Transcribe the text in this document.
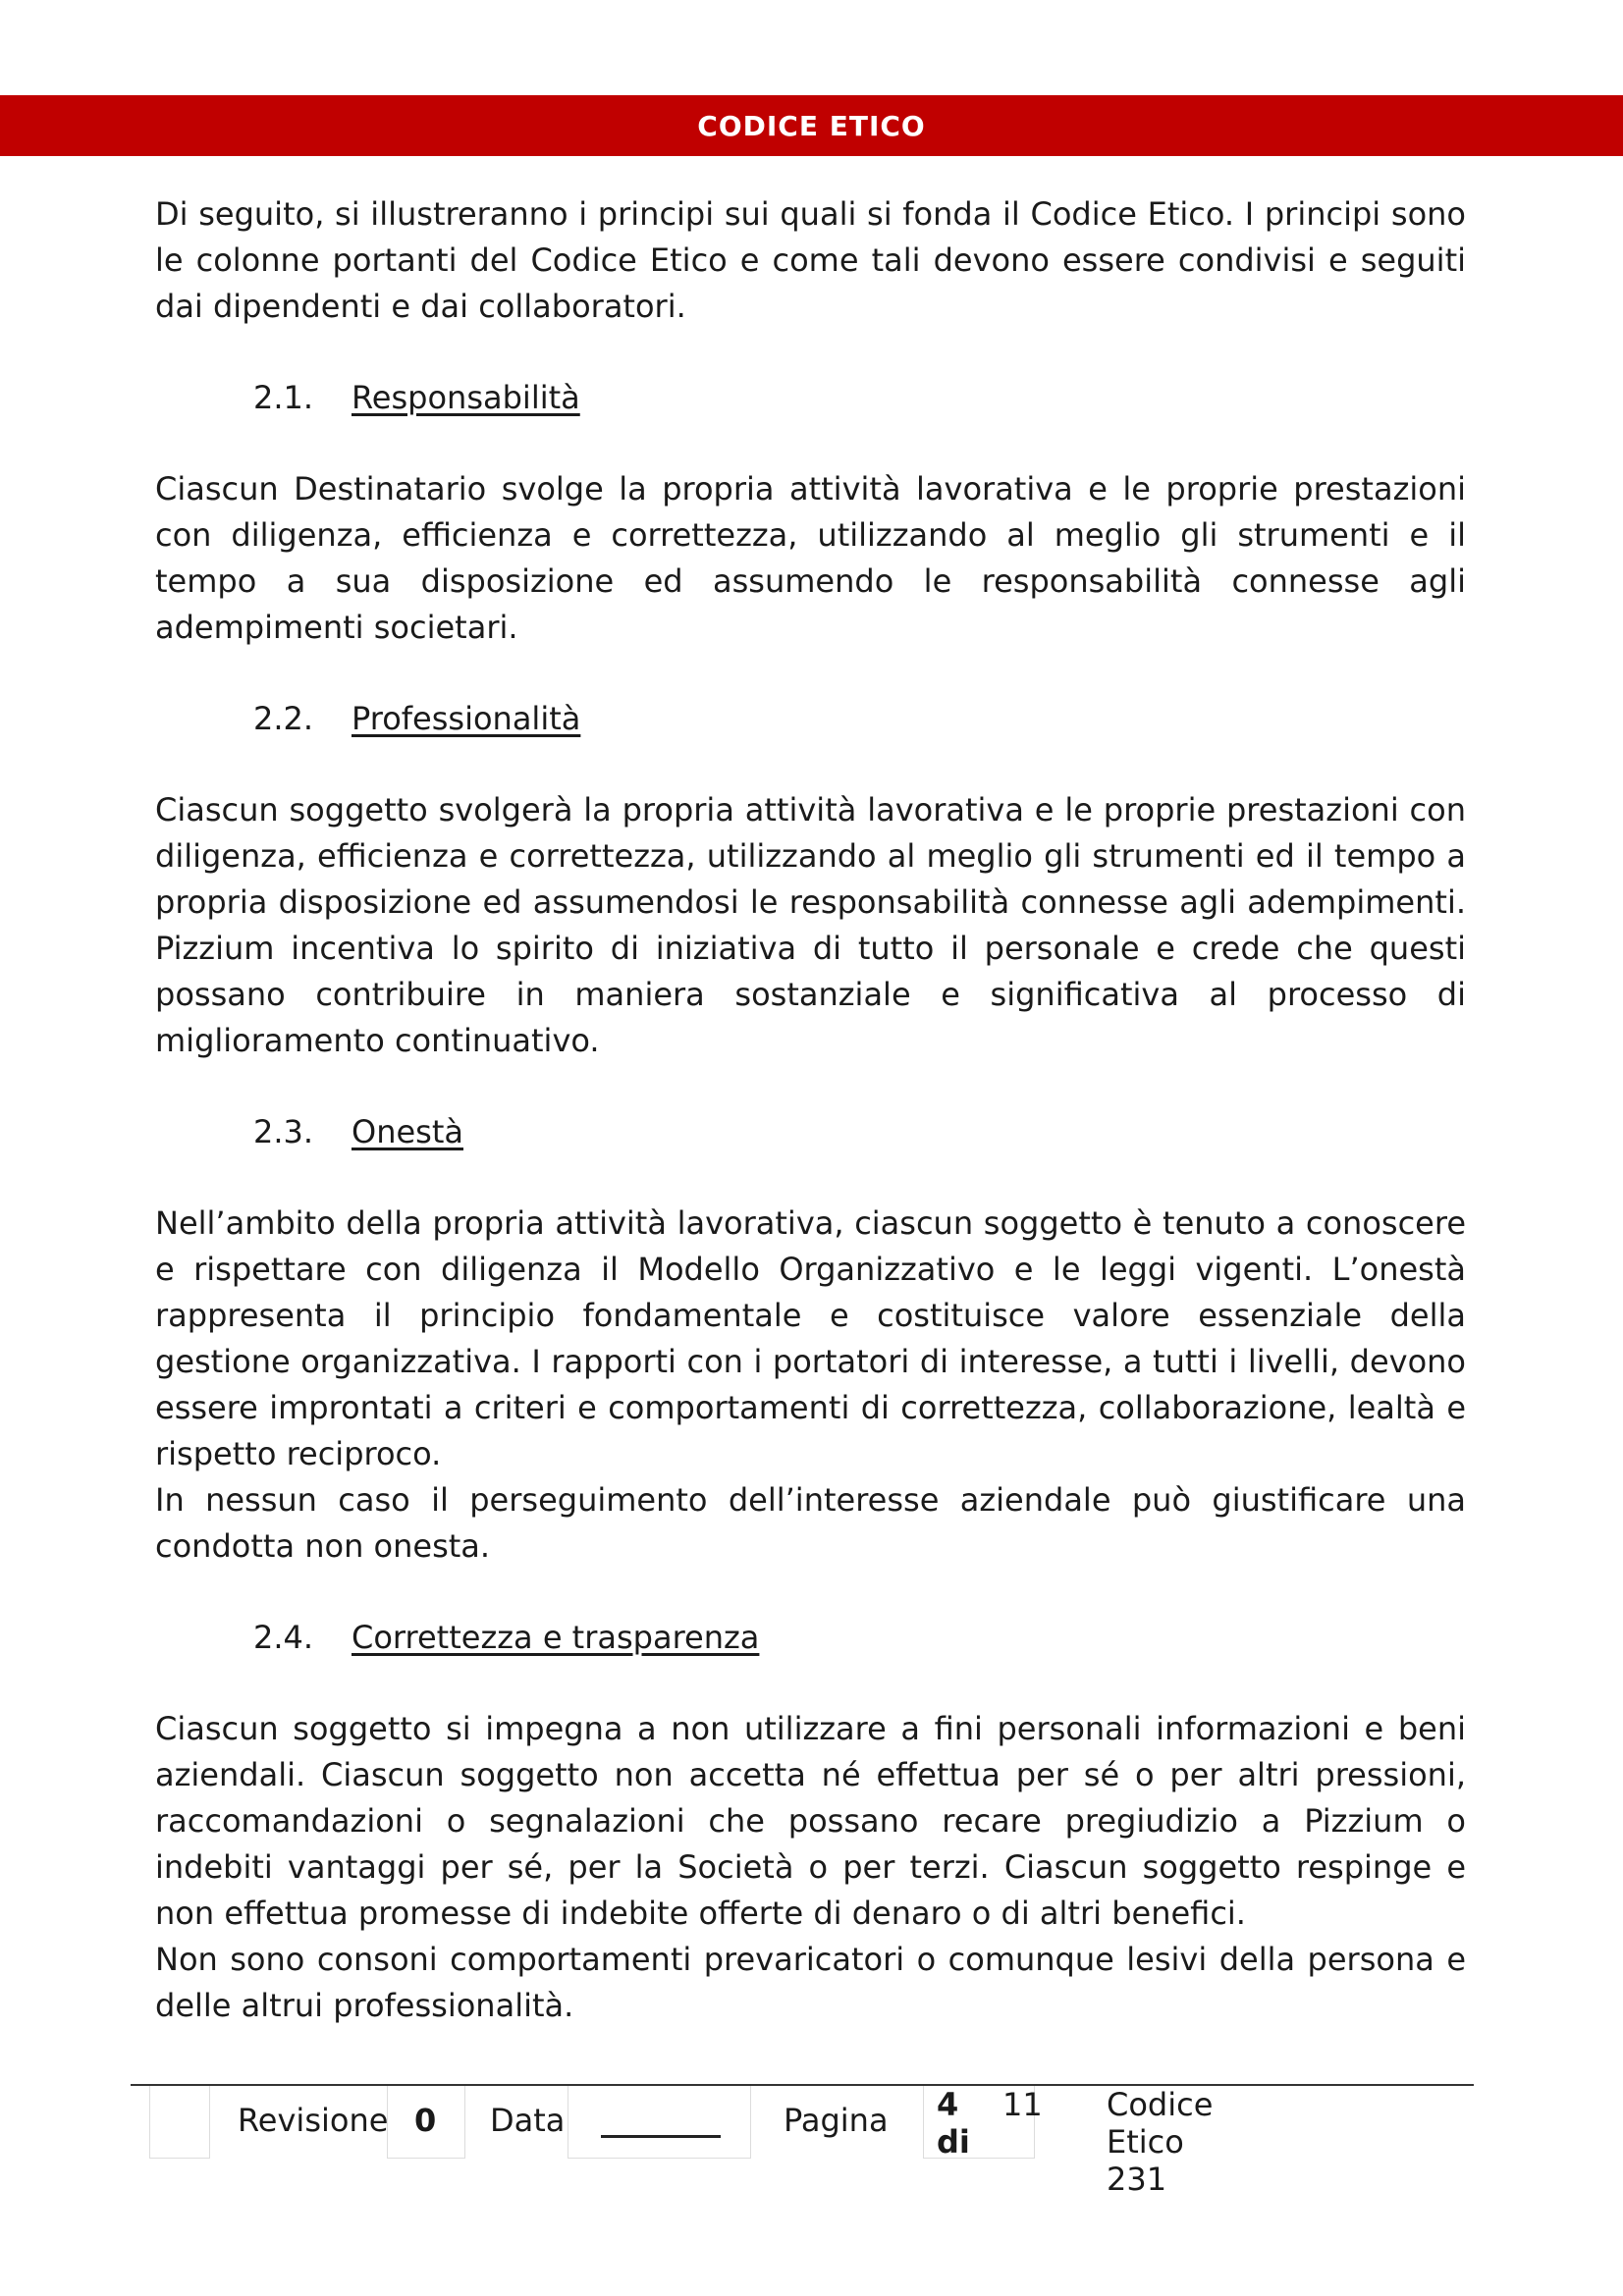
CODICE ETICO

Di seguito, si illustreranno i principi sui quali si fonda il Codice Etico. I principi sono le colonne portanti del Codice Etico e come tali devono essere condivisi e seguiti dai dipendenti e dai collaboratori.

2.1.	Responsabilità

Ciascun Destinatario svolge la propria attività lavorativa e le proprie prestazioni con diligenza, efficienza e correttezza, utilizzando al meglio gli strumenti e il tempo a sua disposizione ed assumendo le responsabilità connesse agli adempimenti societari.

2.2.	Professionalità

Ciascun soggetto svolgerà la propria attività lavorativa e le proprie prestazioni con diligenza, efficienza e correttezza, utilizzando al meglio gli strumenti ed il tempo a propria disposizione ed assumendosi le responsabilità connesse agli adempimenti. Pizzium incentiva lo spirito di iniziativa di tutto il personale e crede che questi possano contribuire in maniera sostanziale e significativa al processo di miglioramento continuativo.

2.3.	Onestà

Nell’ambito della propria attività lavorativa, ciascun soggetto è tenuto a conoscere e rispettare con diligenza il Modello Organizzativo e le leggi vigenti. L’onestà rappresenta il principio fondamentale e costituisce valore essenziale della gestione organizzativa. I rapporti con i portatori di interesse, a tutti i livelli, devono essere improntati a criteri e comportamenti di correttezza, collaborazione, lealtà e rispetto reciproco.

In nessun caso il perseguimento dell’interesse aziendale può giustificare una condotta non onesta.

2.4.	Correttezza e trasparenza

Ciascun soggetto si impegna a non utilizzare a fini personali informazioni e beni aziendali. Ciascun soggetto non accetta né effettua per sé o per altri pressioni, raccomandazioni o segnalazioni che possano recare pregiudizio a Pizzium o indebiti vantaggi per sé, per la Società o per terzi. Ciascun soggetto respinge e non effettua promesse di indebite offerte di denaro o di altri benefici.

Non sono consoni comportamenti prevaricatori o comunque lesivi della persona e delle altrui professionalità.

Revisione 0 Data	Pagina 4 di
11 Codice Etico 231
